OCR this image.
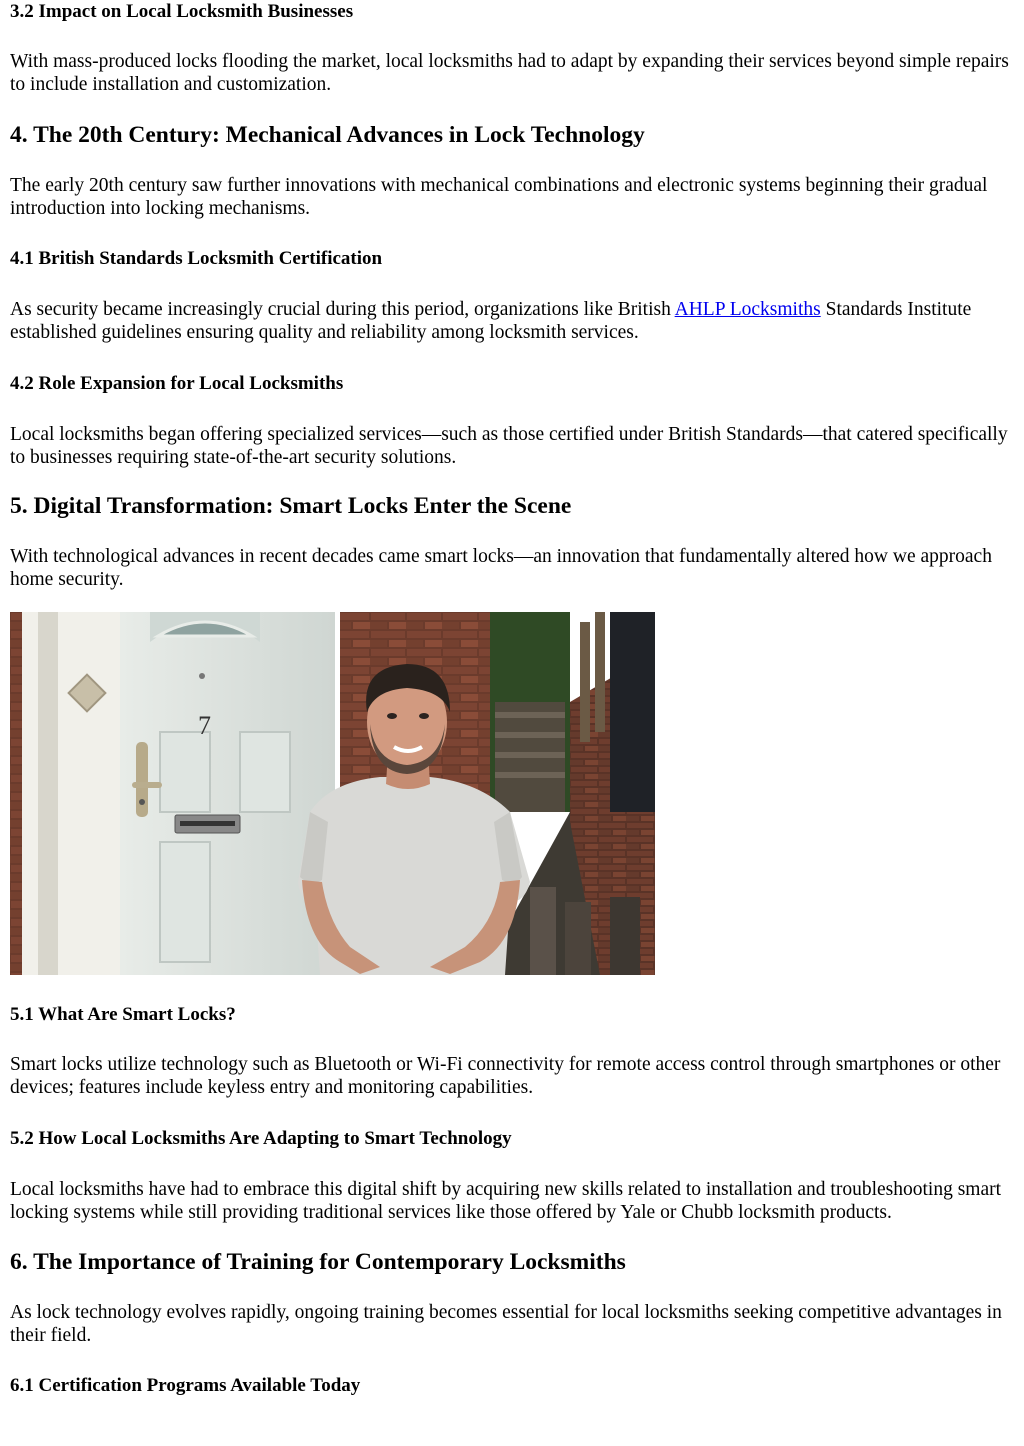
3.2 Impact on Local Locksmith Businesses

With mass-produced locks flooding the market, local locksmiths had to adapt by expanding their services beyond simple repairs to include installation and customization.

4. The 20th Century: Mechanical Advances in Lock Technology

The early 20th century saw further innovations with mechanical combinations and electronic systems beginning their gradual introduction into locking mechanisms.

4.1 British Standards Locksmith Certification

As security became increasingly crucial during this period, organizations like British AHLP Locksmiths Standards Institute established guidelines ensuring quality and reliability among locksmith services.

4.2 Role Expansion for Local Locksmiths

Local locksmiths began offering specialized services—such as those certified under British Standards—that catered specifically to businesses requiring state-of-the-art security solutions.

5. Digital Transformation: Smart Locks Enter the Scene

With technological advances in recent decades came smart locks—an innovation that fundamentally altered how we approach home security.

7
5.1 What Are Smart Locks?

Smart locks utilize technology such as Bluetooth or Wi-Fi connectivity for remote access control through smartphones or other devices; features include keyless entry and monitoring capabilities.

5.2 How Local Locksmiths Are Adapting to Smart Technology

Local locksmiths have had to embrace this digital shift by acquiring new skills related to installation and troubleshooting smart locking systems while still providing traditional services like those offered by Yale or Chubb locksmith products.

6. The Importance of Training for Contemporary Locksmiths

As lock technology evolves rapidly, ongoing training becomes essential for local locksmiths seeking competitive advantages in their field.

6.1 Certification Programs Available Today
